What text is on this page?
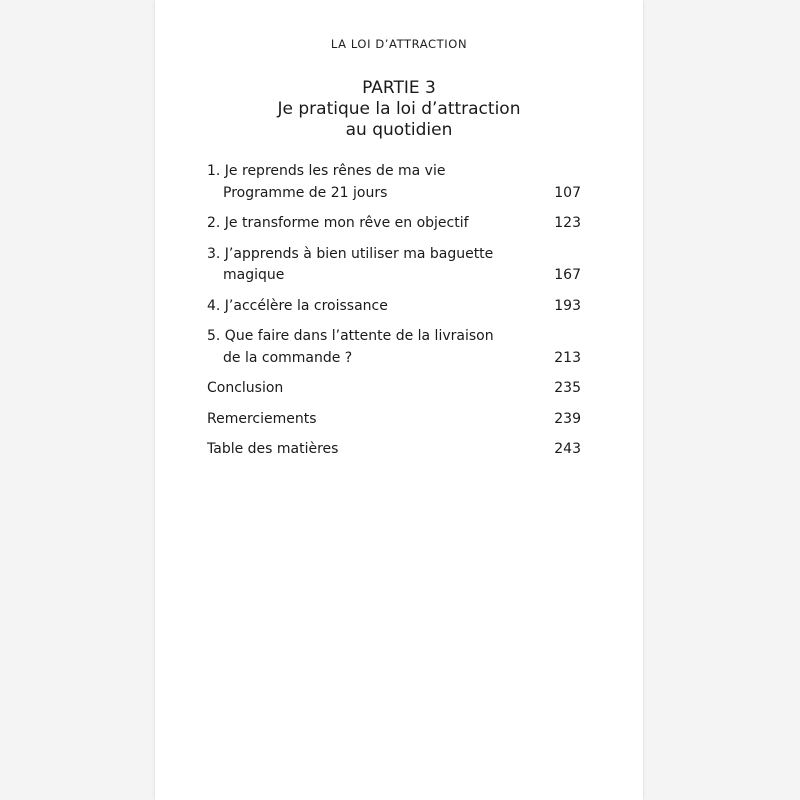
LA LOI D’ATTRACTION
PARTIE 3
Je pratique la loi d’attraction
au quotidien
1. Je reprends les rênes de ma vie
Programme de 21 jours	107
2. Je transforme mon rêve en objectif	123
3. J’apprends à bien utiliser ma baguette
magique	167
4. J’accélère la croissance	193
5. Que faire dans l’attente de la livraison
de la commande ?	213
Conclusion	235
Remerciements	239
Table des matières	243
